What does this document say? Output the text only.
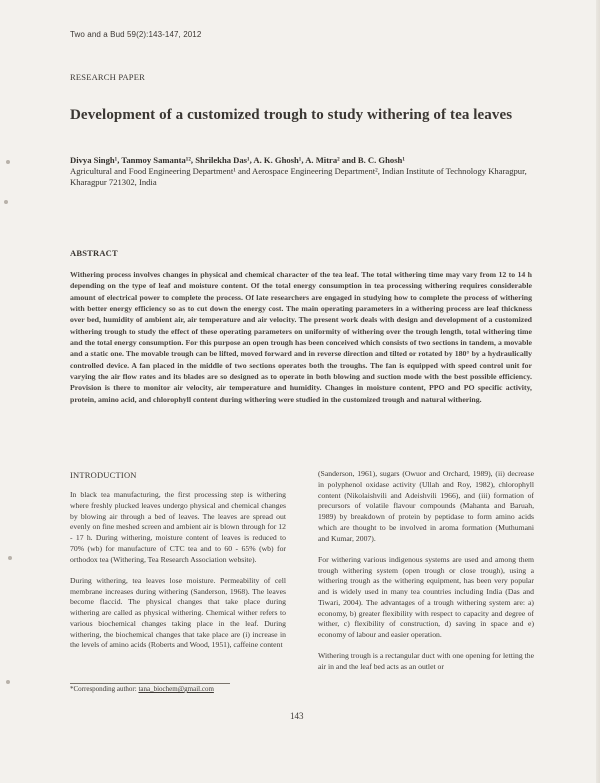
Two and a Bud 59(2):143-147, 2012
RESEARCH PAPER
Development of a customized trough to study withering of tea leaves
Divya Singh¹, Tanmoy Samanta¹², Shrilekha Das¹, A. K. Ghosh¹, A. Mitra² and B. C. Ghosh¹
Agricultural and Food Engineering Department¹ and Aerospace Engineering Department², Indian Institute of Technology Kharagpur, Kharagpur 721302, India
ABSTRACT
Withering process involves changes in physical and chemical character of the tea leaf. The total withering time may vary from 12 to 14 h depending on the type of leaf and moisture content. Of the total energy consumption in tea processing withering requires considerable amount of electrical power to complete the process. Of late researchers are engaged in studying how to complete the process of withering with better energy efficiency so as to cut down the energy cost. The main operating parameters in a withering process are leaf thickness over bed, humidity of ambient air, air temperature and air velocity. The present work deals with design and development of a customized withering trough to study the effect of these operating parameters on uniformity of withering over the trough length, total withering time and the total energy consumption. For this purpose an open trough has been conceived which consists of two sections in tandem, a movable and a static one. The movable trough can be lifted, moved forward and in reverse direction and tilted or rotated by 180° by a hydraulically controlled device. A fan placed in the middle of two sections operates both the troughs. The fan is equipped with speed control unit for varying the air flow rates and its blades are so designed as to operate in both blowing and suction mode with the best possible efficiency. Provision is there to monitor air velocity, air temperature and humidity. Changes in moisture content, PPO and PO specific activity, protein, amino acid, and chlorophyll content during withering were studied in the customized trough and natural withering.
INTRODUCTION

In black tea manufacturing, the first processing step is withering where freshly plucked leaves undergo physical and chemical changes by blowing air through a bed of leaves. The leaves are spread out evenly on fine meshed screen and ambient air is blown through for 12 - 17 h. During withering, moisture content of leaves is reduced to 70% (wb) for manufacture of CTC tea and to 60 - 65% (wb) for orthodox tea (Withering, Tea Research Association website).

During withering, tea leaves lose moisture. Permeability of cell membrane increases during withering (Sanderson, 1968). The leaves become flaccid. The physical changes that take place during withering are called as physical withering. Chemical wither refers to various biochemical changes taking place in the leaf. During withering, the biochemical changes that take place are (i) increase in the levels of amino acids (Roberts and Wood, 1951), caffeine content

(Sanderson, 1961), sugars (Owuor and Orchard, 1989), (ii) decrease in polyphenol oxidase activity (Ullah and Roy, 1982), chlorophyll content (Nikolaishvili and Adeishvili 1966), and (iii) formation of precursors of volatile flavour compounds (Mahanta and Baruah, 1989) by breakdown of protein by peptidase to form amino acids which are thought to be involved in aroma formation (Muthumani and Kumar, 2007).

For withering various indigenous systems are used and among them trough withering system (open trough or close trough), using a withering trough as the withering equipment, has been very popular and is widely used in many tea countries including India (Das and Tiwari, 2004). The advantages of a trough withering system are: a) economy, b) greater flexibility with respect to capacity and degree of wither, c) flexibility of construction, d) saving in space and e) economy of labour and easier operation.

Withering trough is a rectangular duct with one opening for letting the air in and the leaf bed acts as an outlet or

*Corresponding author: tana_biochem@gmail.com
143
